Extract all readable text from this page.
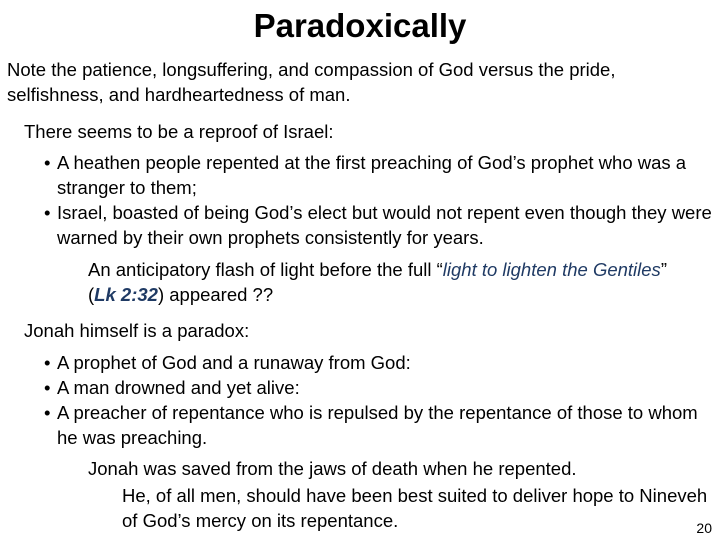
Paradoxically

Note the patience, longsuffering, and compassion of God versus the pride, selfishness, and hardheartedness of man.

There seems to be a reproof of Israel:

• A heathen people repented at the first preaching of God’s prophet who was a stranger to them;
• Israel, boasted of being God’s elect but would not repent even though they were warned by their own prophets consistently for years.

An anticipatory flash of light before the full “light to lighten the Gentiles” (Lk 2:32) appeared ??

Jonah himself is a paradox:

• A prophet of God and a runaway from God:
• A man drowned and yet alive:
• A preacher of repentance who is repulsed by the repentance of those to whom he was preaching.

Jonah was saved from the jaws of death when he repented.

He, of all men, should have been best suited to deliver hope to Nineveh of God’s mercy on its repentance.	20
